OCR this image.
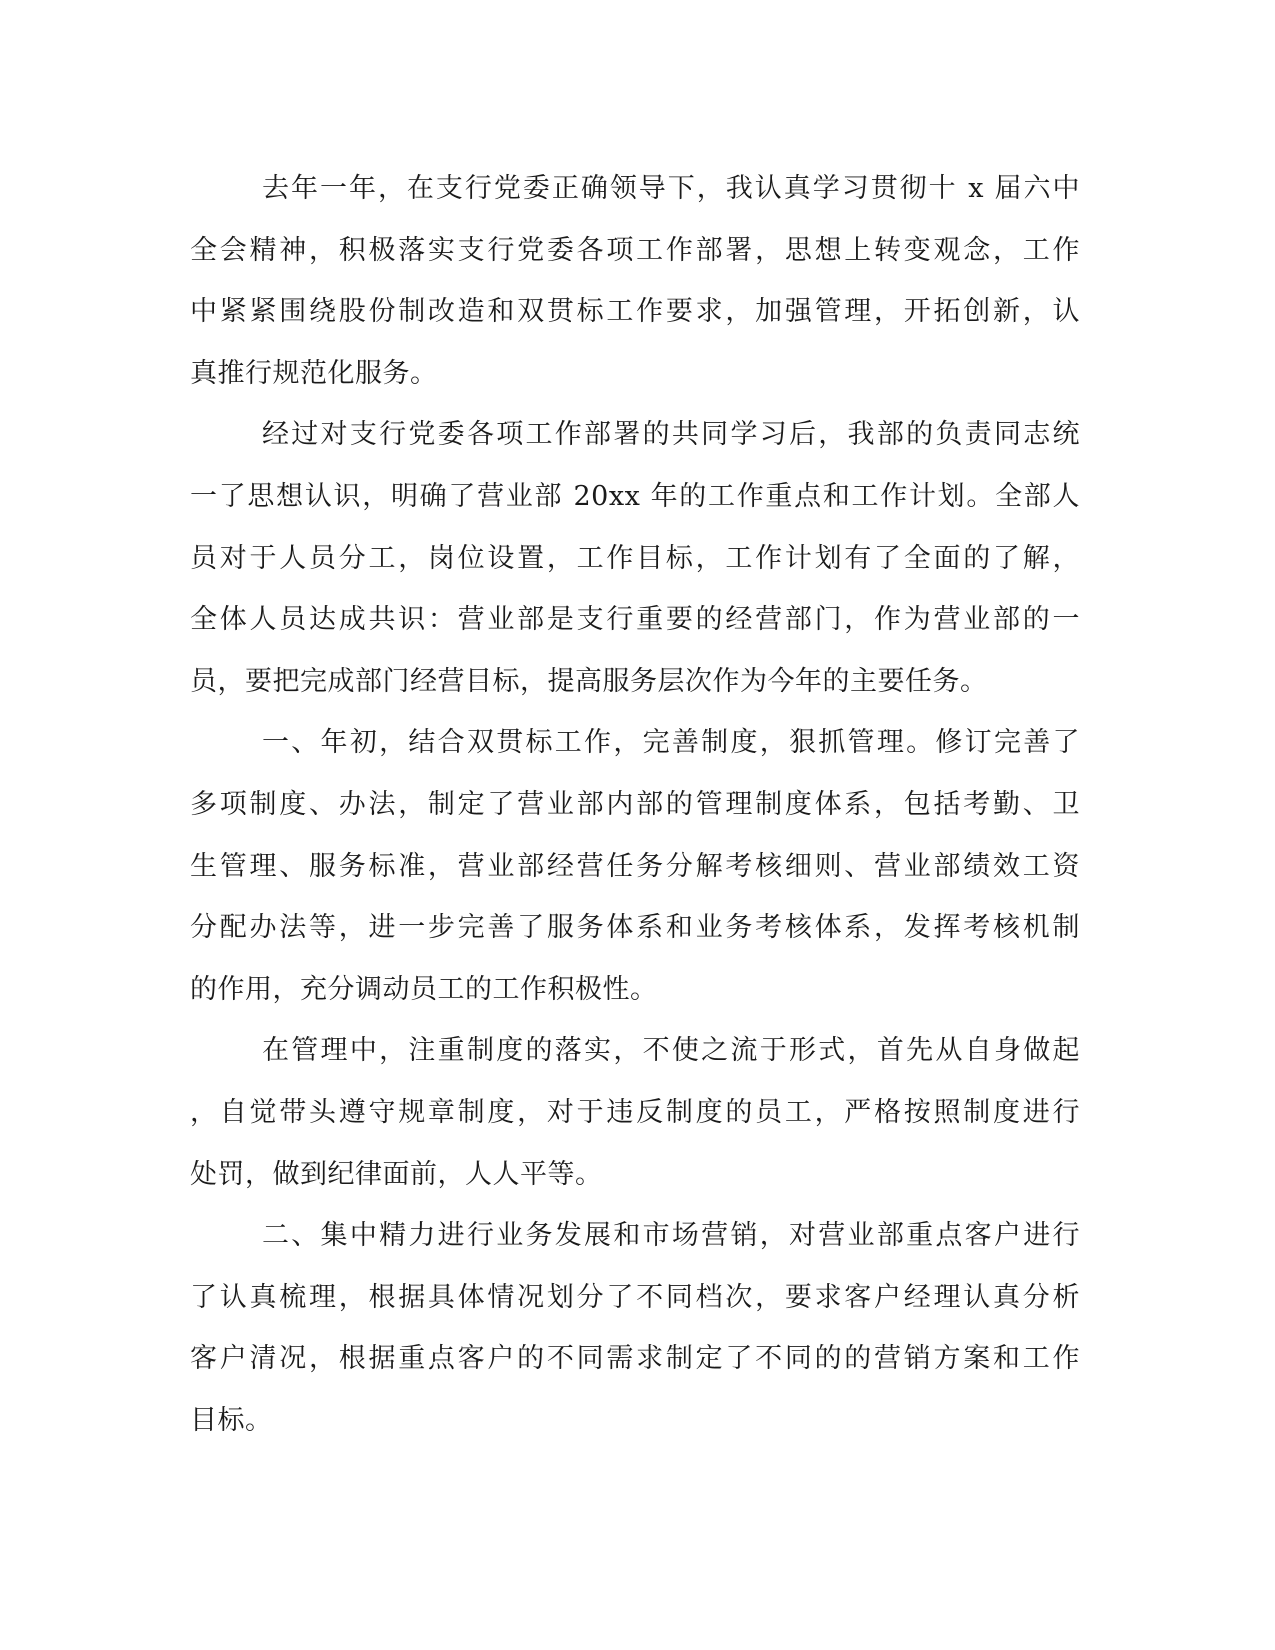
去年一年，在支行党委正确领导下，我认真学习贯彻十 x 届六中
全会精神，积极落实支行党委各项工作部署，思想上转变观念，工作
中紧紧围绕股份制改造和双贯标工作要求，加强管理，开拓创新，认
真推行规范化服务。
经过对支行党委各项工作部署的共同学习后，我部的负责同志统
一了思想认识，明确了营业部 20xx 年的工作重点和工作计划。全部人
员对于人员分工，岗位设置，工作目标，工作计划有了全面的了解，
全体人员达成共识：营业部是支行重要的经营部门，作为营业部的一
员，要把完成部门经营目标，提高服务层次作为今年的主要任务。
一、年初，结合双贯标工作，完善制度，狠抓管理。修订完善了
多项制度、办法，制定了营业部内部的管理制度体系，包括考勤、卫
生管理、服务标准，营业部经营任务分解考核细则、营业部绩效工资
分配办法等，进一步完善了服务体系和业务考核体系，发挥考核机制
的作用，充分调动员工的工作积极性。
在管理中，注重制度的落实，不使之流于形式，首先从自身做起
，自觉带头遵守规章制度，对于违反制度的员工，严格按照制度进行
处罚，做到纪律面前，人人平等。
二、集中精力进行业务发展和市场营销，对营业部重点客户进行
了认真梳理，根据具体情况划分了不同档次，要求客户经理认真分析
客户清况，根据重点客户的不同需求制定了不同的的营销方案和工作
目标。
